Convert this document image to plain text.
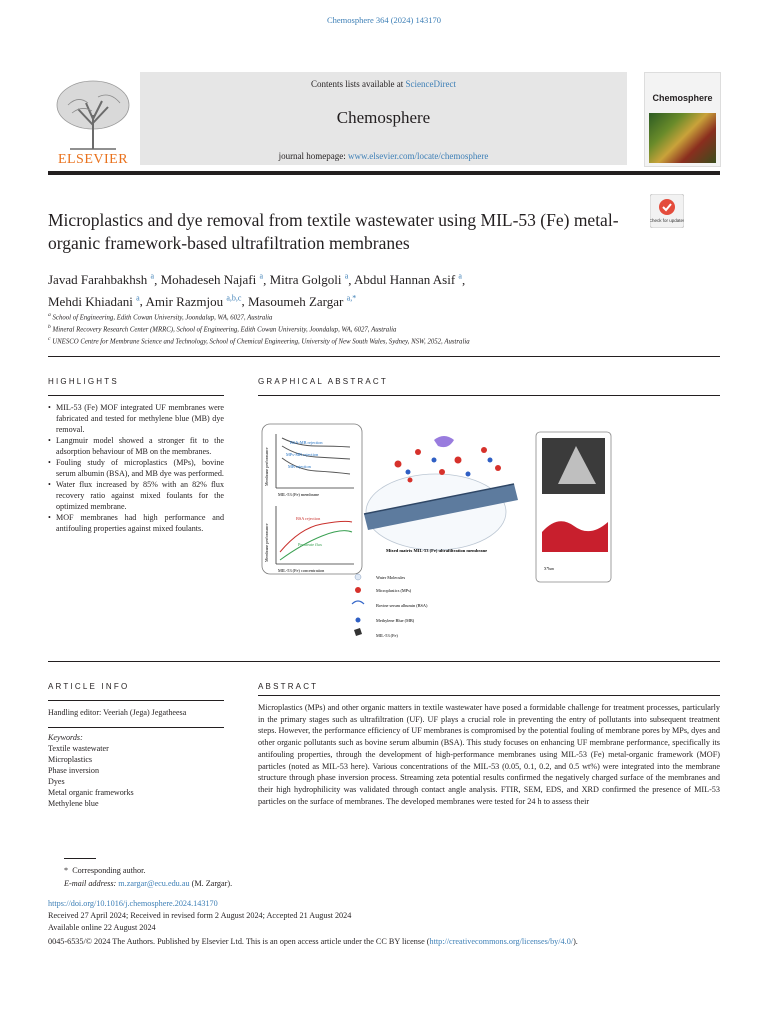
Chemosphere 364 (2024) 143170
ELSEVIER
Contents lists available at ScienceDirect
Chemosphere
journal homepage: www.elsevier.com/locate/chemosphere
Chemosphere
Check for updates
Microplastics and dye removal from textile wastewater using MIL-53 (Fe) metal-organic framework-based ultrafiltration membranes
Javad Farahbakhsh $^a$, Mohadeseh Najafi $^a$, Mitra Golgoli $^a$, Abdul Hannan Asif $^a$,
Mehdi Khiadani $^a$, Amir Razmjou $^{a,b,c}$, Masoumeh Zargar $^{a,*}$
$^a$ School of Engineering, Edith Cowan University, Joondalup, WA, 6027, Australia
$^b$ Mineral Recovery Research Center (MRRC), School of Engineering, Edith Cowan University, Joondalup, WA, 6027, Australia
$^c$ UNESCO Centre for Membrane Science and Technology, School of Chemical Engineering, University of New South Wales, Sydney, NSW, 2052, Australia
HIGHLIGHTS
• MIL-53 (Fe) MOF integrated UF membranes were fabricated and tested for methylene blue (MB) dye removal.
• Langmuir model showed a stronger fit to the adsorption behaviour of MB on the membranes.
• Fouling study of microplastics (MPs), bovine serum albumin (BSA), and MB dye was performed.
• Water flux increased by 85% with an 82% flux recovery ratio against mixed foulants for the optimized membrane.
• MOF membranes had high performance and antifouling properties against mixed foulants.
GRAPHICAL ABSTRACT
Membrane performance
BSA-MB rejection
MPs-MB rejection
MB rejection
MIL-53 (Fe) membrane
Membrane performance
BSA rejection
Permeate flux
MIL-53 (Fe) concentration
Mixed matrix MIL-53 (Fe) ultrafiltration membrane
X*lum
Water Molecules
Microplastics (MPs)
Bovine serum albumin (BSA)
Methylene Blue (MB)
MIL-53 (Fe)
ARTICLE INFO
Handling editor: Veeriah (Jega) Jegatheesa
Keywords:
Textile wastewater
Microplastics
Phase inversion
Dyes
Metal organic frameworks
Methylene blue
ABSTRACT
Microplastics (MPs) and other organic matters in textile wastewater have posed a formidable challenge for treatment processes, particularly in the primary stages such as ultrafiltration (UF). UF plays a crucial role in preventing the entry of pollutants into subsequent treatment steps. However, the performance efficiency of UF membranes is compromised by the potential fouling of membrane pores by MPs, dyes and other organic pollutants such as bovine serum albumin (BSA). This study focuses on enhancing UF membrane performance, specifically its antifouling properties, through the development of high-performance membranes using MIL-53 (Fe) metal-organic framework (MOF) particles (noted as MIL-53 here). Various concentrations of the MIL-53 (0.05, 0.1, 0.2, and 0.5 wt%) were integrated into the membrane structure through phase inversion process. Streaming zeta potential results confirmed the negatively charged surface of the membranes and their high hydrophilicity was validated through contact angle analysis. FTIR, SEM, EDS, and XRD confirmed the presence of MIL-53 particles on the surface of membranes. The developed membranes were tested for 24 h to assess their
*  Corresponding author.
E-mail address: m.zargar@ecu.edu.au (M. Zargar).
https://doi.org/10.1016/j.chemosphere.2024.143170
Received 27 April 2024; Received in revised form 2 August 2024; Accepted 21 August 2024
Available online 22 August 2024
0045-6535/© 2024 The Authors. Published by Elsevier Ltd. This is an open access article under the CC BY license (http://creativecommons.org/licenses/by/4.0/).
